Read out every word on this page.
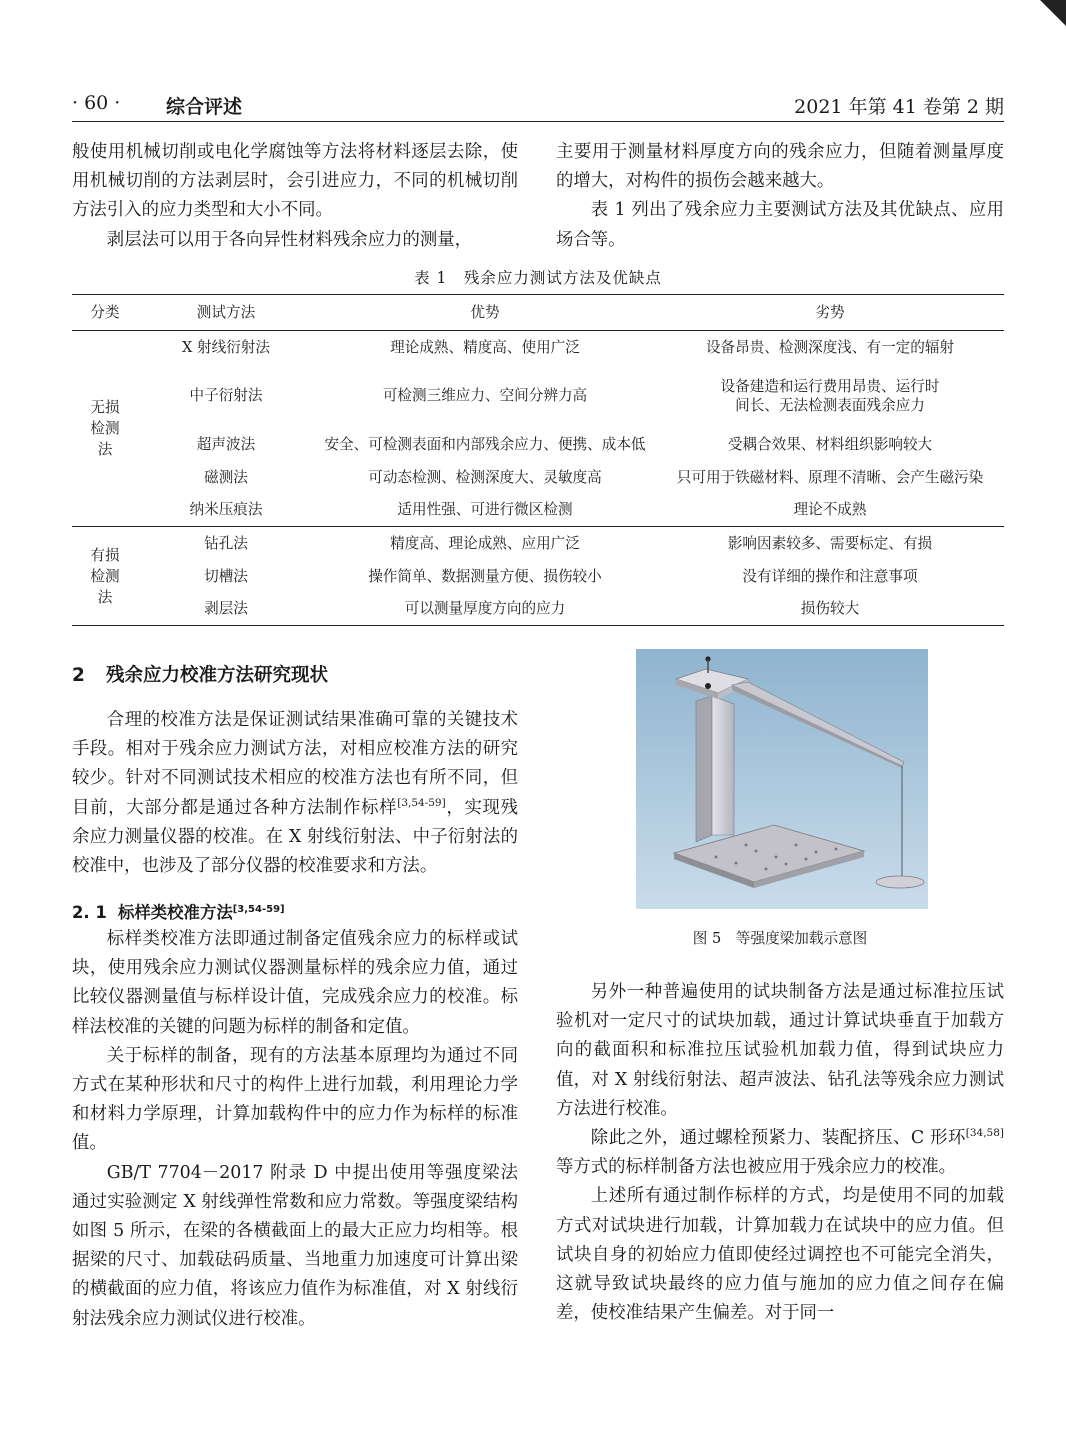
· 60 · 综合评述	2021 年第 41 卷第 2 期

般使用机械切削或电化学腐蚀等方法将材料逐层去除，使用机械切削的方法剥层时，会引进应力，不同的机械切削方法引入的应力类型和大小不同。

剥层法可以用于各向异性材料残余应力的测量，

主要用于测量材料厚度方向的残余应力，但随着测量厚度的增大，对构件的损伤会越来越大。

表 1 列出了残余应力主要测试方法及其优缺点、应用场合等。

表 1　残余应力测试方法及优缺点
分类	测试方法	优势	劣势

无损检测法	X 射线衍射法	理论成熟、精度高、使用广泛	设备昂贵、检测深度浅、有一定的辐射
	中子衍射法	可检测三维应力、空间分辨力高	设备建造和运行费用昂贵、运行时间长、无法检测表面残余应力
	超声波法	安全、可检测表面和内部残余应力、便携、成本低	受耦合效果、材料组织影响较大
	磁测法	可动态检测、检测深度大、灵敏度高	只可用于铁磁材料、原理不清晰、会产生磁污染
	纳米压痕法	适用性强、可进行微区检测	理论不成熟

有损检测法	钻孔法	精度高、理论成熟、应用广泛	影响因素较多、需要标定、有损
	切槽法	操作简单、数据测量方便、损伤较小	没有详细的操作和注意事项
	剥层法	可以测量厚度方向的应力	损伤较大
2 残余应力校准方法研究现状

合理的校准方法是保证测试结果准确可靠的关键技术手段。相对于残余应力测试方法，对相应校准方法的研究较少。针对不同测试技术相应的校准方法也有所不同，但目前，大部分都是通过各种方法制作标样[3,54-59]，实现残余应力测量仪器的校准。在 X 射线衍射法、中子衍射法的校准中，也涉及了部分仪器的校准要求和方法。

2. 1 标样类校准方法[3,54-59]

标样类校准方法即通过制备定值残余应力的标样或试块，使用残余应力测试仪器测量标样的残余应力值，通过比较仪器测量值与标样设计值，完成残余应力的校准。标样法校准的关键的问题为标样的制备和定值。

关于标样的制备，现有的方法基本原理均为通过不同方式在某种形状和尺寸的构件上进行加载，利用理论力学和材料力学原理，计算加载构件中的应力作为标样的标准值。

GB/T 7704－2017 附录 D 中提出使用等强度梁法通过实验测定 X 射线弹性常数和应力常数。等强度梁结构如图 5 所示，在梁的各横截面上的最大正应力均相等。根据梁的尺寸、加载砝码质量、当地重力加速度可计算出梁的横截面的应力值，将该应力值作为标准值，对 X 射线衍射法残余应力测试仪进行校准。

图 5　等强度梁加载示意图

另外一种普遍使用的试块制备方法是通过标准拉压试验机对一定尺寸的试块加载，通过计算试块垂直于加载方向的截面积和标准拉压试验机加载力值，得到试块应力值，对 X 射线衍射法、超声波法、钻孔法等残余应力测试方法进行校准。

除此之外，通过螺栓预紧力、装配挤压、C 形环[34,58]等方式的标样制备方法也被应用于残余应力的校准。

上述所有通过制作标样的方式，均是使用不同的加载方式对试块进行加载，计算加载力在试块中的应力值。但试块自身的初始应力值即使经过调控也不可能完全消失，这就导致试块最终的应力值与施加的应力值之间存在偏差，使校准结果产生偏差。对于同一
